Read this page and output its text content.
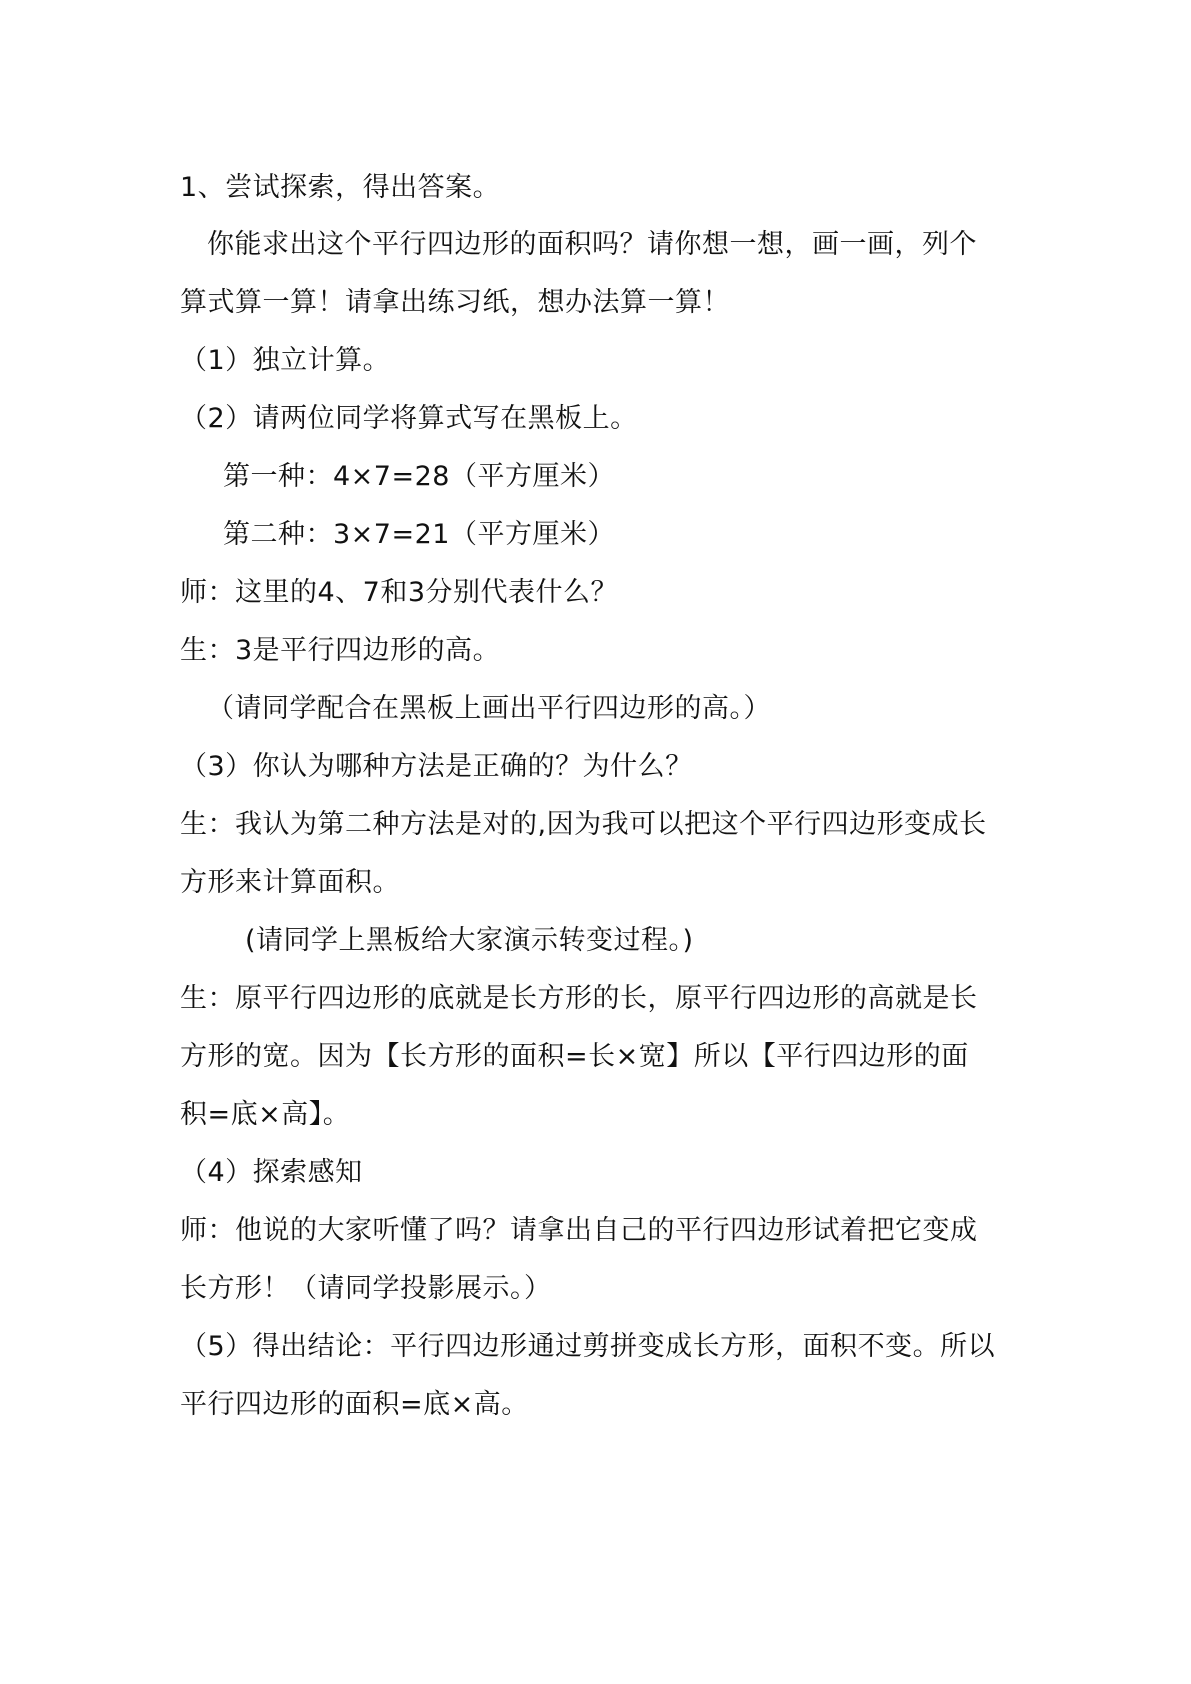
1、尝试探索，得出答案。
你能求出这个平行四边形的面积吗？请你想一想，画一画，列个
算式算一算！请拿出练习纸，想办法算一算！
（1）独立计算。
（2）请两位同学将算式写在黑板上。
第一种：4×7=28（平方厘米）
第二种：3×7=21（平方厘米）
师：这里的4、7和3分别代表什么？
生：3是平行四边形的高。
（请同学配合在黑板上画出平行四边形的高。）
（3）你认为哪种方法是正确的？为什么？
生：我认为第二种方法是对的,因为我可以把这个平行四边形变成长
方形来计算面积。
(请同学上黑板给大家演示转变过程。)
生：原平行四边形的底就是长方形的长，原平行四边形的高就是长
方形的宽。因为【长方形的面积=长×宽】所以【平行四边形的面
积=底×高】。
（4）探索感知
师：他说的大家听懂了吗？请拿出自己的平行四边形试着把它变成
长方形！（请同学投影展示。）
（5）得出结论：平行四边形通过剪拼变成长方形，面积不变。所以
平行四边形的面积=底×高。
